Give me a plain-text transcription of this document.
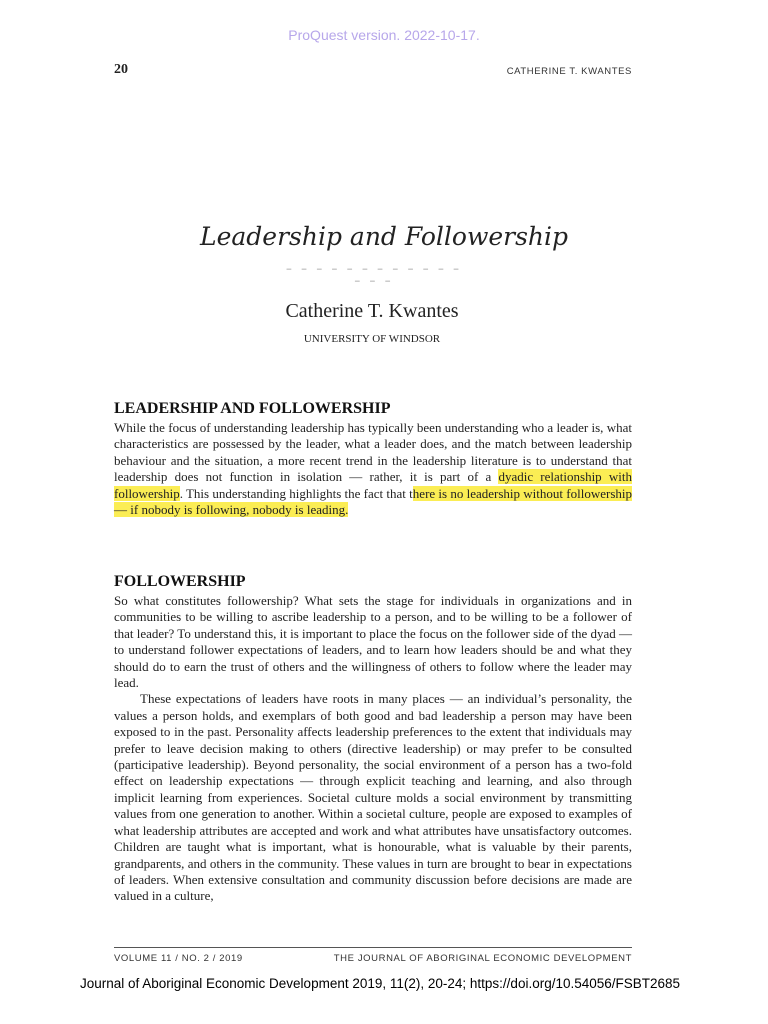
ProQuest version. 2022-10-17.
20	CATHERINE T. KWANTES
Leadership and Followership
– – – – – – – – – – – – – – –
Catherine T. Kwantes
UNIVERSITY OF WINDSOR
LEADERSHIP AND FOLLOWERSHIP

While the focus of understanding leadership has typically been understanding who a leader is, what characteristics are possessed by the leader, what a leader does, and the match between leadership behaviour and the situation, a more recent trend in the leadership literature is to understand that leadership does not function in isolation — rather, it is part of a dyadic relationship with followership. This understanding highlights the fact that there is no leadership without followership — if nobody is following, nobody is leading.

FOLLOWERSHIP

So what constitutes followership? What sets the stage for individuals in organizations and in communities to be willing to ascribe leadership to a person, and to be willing to be a follower of that leader? To understand this, it is important to place the focus on the follower side of the dyad — to understand follower expectations of leaders, and to learn how leaders should be and what they should do to earn the trust of others and the willingness of others to follow where the leader may lead.

These expectations of leaders have roots in many places — an individual’s personality, the values a person holds, and exemplars of both good and bad leadership a person may have been exposed to in the past. Personality affects leadership preferences to the extent that individuals may prefer to leave decision making to others (directive leadership) or may prefer to be consulted (participative leadership). Beyond personality, the social environment of a person has a two-fold effect on leadership expectations — through explicit teaching and learning, and also through implicit learning from experiences. Societal culture molds a social environment by transmitting values from one generation to another. Within a societal culture, people are exposed to examples of what leadership attributes are accepted and work and what attributes have unsatisfactory outcomes. Children are taught what is important, what is honourable, what is valuable by their parents, grandparents, and others in the community. These values in turn are brought to bear in expectations of leaders. When extensive consultation and community discussion before decisions are made are valued in a culture,

VOLUME 11 / NO. 2 / 2019	THE JOURNAL OF ABORIGINAL ECONOMIC DEVELOPMENT
Journal of Aboriginal Economic Development 2019, 11(2), 20-24; https://doi.org/10.54056/FSBT2685
